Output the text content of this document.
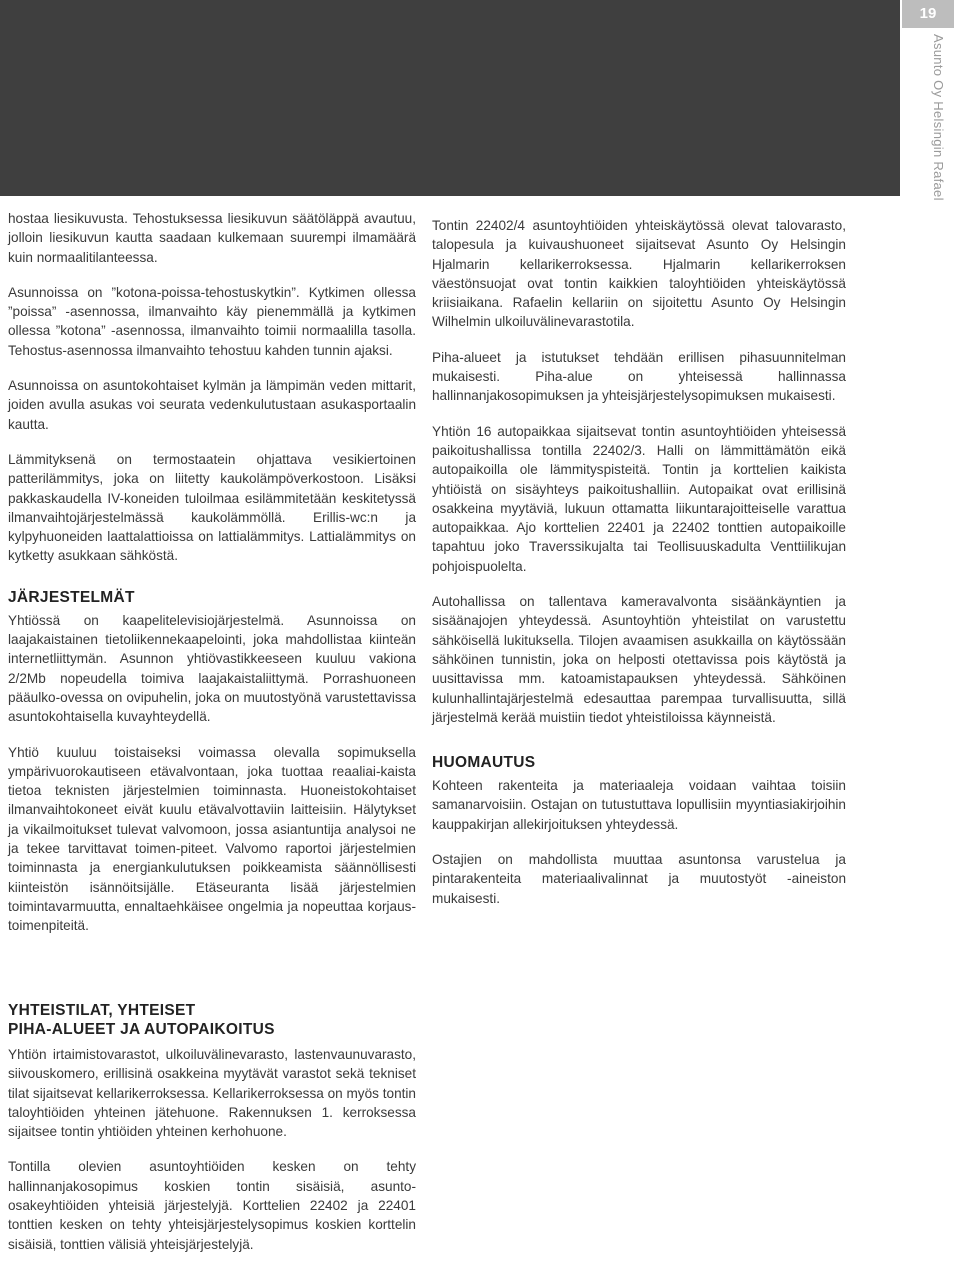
19
Asunto Oy Helsingin Rafael

hostaa liesikuvusta. Tehostuksessa liesikuvun säätöläppä avautuu, jolloin liesikuvun kautta saadaan kulkemaan suurempi ilmamäärä kuin normaalitilanteessa.

Asunnoissa on ”kotona-poissa-tehostuskytkin”. Kytkimen ollessa ”poissa” -asennossa, ilmanvaihto käy pienemmällä ja kytkimen ollessa ”kotona” -asennossa, ilmanvaihto toimii normaalilla tasolla. Tehostus-asennossa ilmanvaihto tehostuu kahden tunnin ajaksi.

Asunnoissa on asuntokohtaiset kylmän ja lämpimän veden mittarit, joiden avulla asukas voi seurata vedenkulutustaan asukasportaalin kautta.

Lämmityksenä on termostaatein ohjattava vesikiertoinen patterilämmitys, joka on liitetty kaukolämpöverkostoon. Lisäksi pakkaskaudella IV-koneiden tuloilmaa esilämmitetään keskitetyssä ilmanvaihtojärjestelmässä kaukolämmöllä. Erillis-wc:n ja kylpyhuoneiden laattalattioissa on lattialämmitys. Lattialämmitys on kytketty asukkaan sähköstä.

JÄRJESTELMÄT

Yhtiössä on kaapelitelevisiojärjestelmä. Asunnoissa on laajakaistainen tietoliikennekaapelointi, joka mahdollistaa kiinteän internetliittymän. Asunnon yhtiövastikkeeseen kuuluu vakiona 2/2Mb nopeudella toimiva laajakaistaliittymä. Porrashuoneen pääulko-ovessa on ovipuhelin, joka on muutostyönä varustettavissa asuntokohtaisella kuvayhteydellä.

Yhtiö kuuluu toistaiseksi voimassa olevalla sopimuksella ympärivuorokautiseen etävalvontaan, joka tuottaa reaaliai-kaista tietoa teknisten järjestelmien toiminnasta. Huoneistokohtaiset ilmanvaihtokoneet eivät kuulu etävalvottaviin laitteisiin. Hälytykset ja vikailmoitukset tulevat valvomoon, jossa asiantuntija analysoi ne ja tekee tarvittavat toimen-piteet. Valvomo raportoi järjestelmien toiminnasta ja energiankulutuksen poikkeamista säännöllisesti kiinteistön isännöitsijälle. Etäseuranta lisää järjestelmien toimintavarmuutta, ennaltaehkäisee ongelmia ja nopeuttaa korjaus-toimenpiteitä.

YHTEISTILAT, YHTEISET
PIHA-ALUEET JA AUTOPAIKOITUS

Yhtiön irtaimistovarastot, ulkoiluvälinevarasto, lastenvaunuvarasto, siivouskomero, erillisinä osakkeina myytävät varastot sekä tekniset tilat sijaitsevat kellarikerroksessa. Kellarikerroksessa on myös tontin taloyhtiöiden yhteinen jätehuone. Rakennuksen 1. kerroksessa sijaitsee tontin yhtiöiden yhteinen kerhohuone.

Tontilla olevien asuntoyhtiöiden kesken on tehty hallinnanjakosopimus koskien tontin sisäisiä, asunto-osakeyhtiöiden yhteisiä järjestelyjä. Korttelien 22402 ja 22401 tonttien kesken on tehty yhteisjärjestelysopimus koskien korttelin sisäisiä, tonttien välisiä yhteisjärjestelyjä.

Tontin 22402/4 asuntoyhtiöiden yhteiskäytössä olevat talovarasto, talopesula ja kuivaushuoneet sijaitsevat Asunto Oy Helsingin Hjalmarin kellarikerroksessa. Hjalmarin kellarikerroksen väestönsuojat ovat tontin kaikkien taloyhtiöiden yhteiskäytössä kriisiaikana. Rafaelin kellariin on sijoitettu Asunto Oy Helsingin Wilhelmin ulkoiluvälinevarastotila.

Piha-alueet ja istutukset tehdään erillisen pihasuunnitelman mukaisesti. Piha-alue on yhteisessä hallinnassa hallinnanjakosopimuksen ja yhteisjärjestelysopimuksen mukaisesti.

Yhtiön 16 autopaikkaa sijaitsevat tontin asuntoyhtiöiden yhteisessä paikoitushallissa tontilla 22402/3. Halli on lämmittämätön eikä autopaikoilla ole lämmityspisteitä. Tontin ja korttelien kaikista yhtiöistä on sisäyhteys paikoitushalliin. Autopaikat ovat erillisinä osakkeina myytäviä, lukuun ottamatta liikuntarajoitteiselle varattua autopaikkaa. Ajo korttelien 22401 ja 22402 tonttien autopaikoille tapahtuu joko Traverssikujalta tai Teollisuuskadulta Venttiilikujan pohjoispuolelta.

Autohallissa on tallentava kameravalvonta sisäänkäyntien ja sisäänajojen yhteydessä. Asuntoyhtiön yhteistilat on varustettu sähköisellä lukituksella. Tilojen avaamisen asukkailla on käytössään sähköinen tunnistin, joka on helposti otettavissa pois käytöstä ja uusittavissa mm. katoamistapauksen yhteydessä. Sähköinen kulunhallintajärjestelmä edesauttaa parempaa turvallisuutta, sillä järjestelmä kerää muistiin tiedot yhteistiloissa käynneistä.

HUOMAUTUS

Kohteen rakenteita ja materiaaleja voidaan vaihtaa toisiin samanarvoisiin. Ostajan on tutustuttava lopullisiin myyntiasiakirjoihin kauppakirjan allekirjoituksen yhteydessä.

Ostajien on mahdollista muuttaa asuntonsa varustelua ja pintarakenteita materiaalivalinnat ja muutostyöt -aineiston mukaisesti.
